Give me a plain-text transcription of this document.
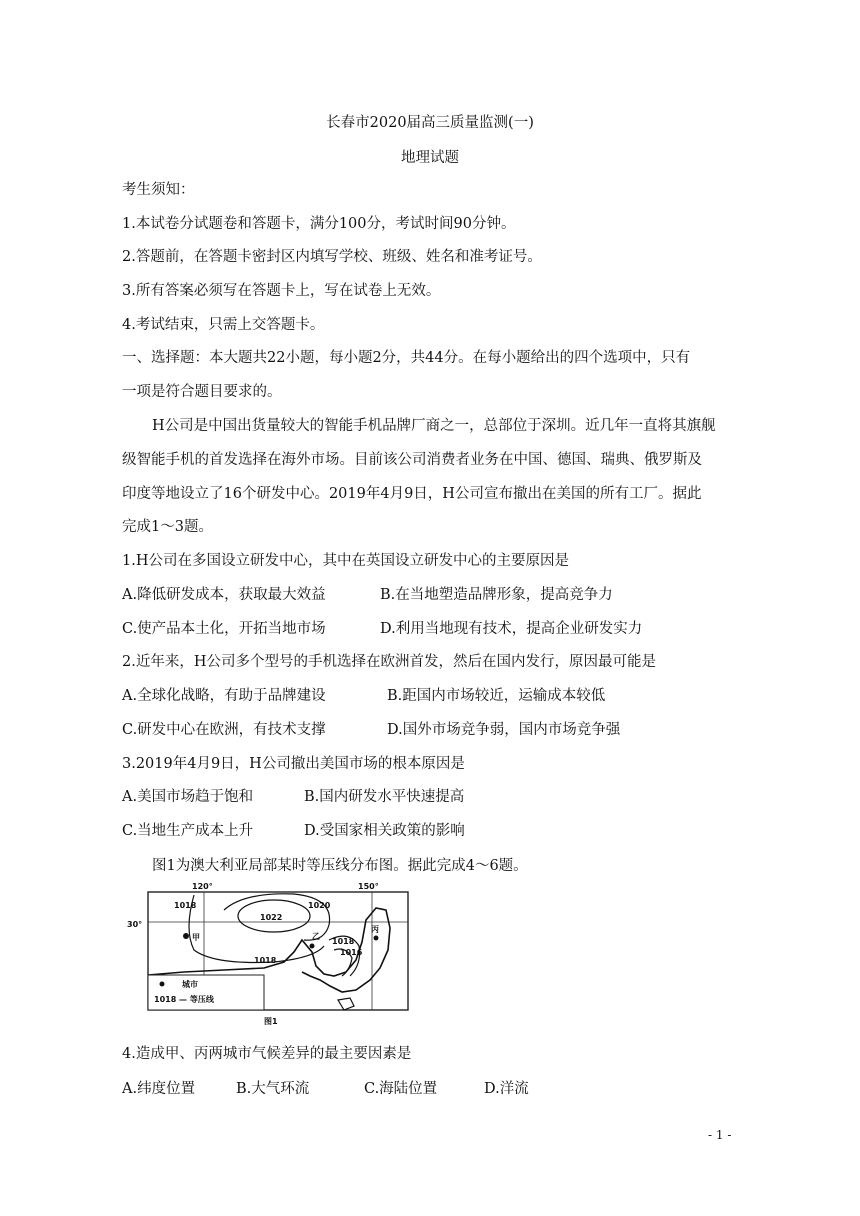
长春市2020届高三质量监测(一)
地理试题
考生须知：
1.本试卷分试题卷和答题卡，满分100分，考试时间90分钟。
2.答题前，在答题卡密封区内填写学校、班级、姓名和准考证号。
3.所有答案必须写在答题卡上，写在试卷上无效。
4.考试结束，只需上交答题卡。
一、选择题：本大题共22小题，每小题2分，共44分。在每小题给出的四个选项中，只有
一项是符合题目要求的。
H公司是中国出货量较大的智能手机品牌厂商之一，总部位于深圳。近几年一直将其旗舰
级智能手机的首发选择在海外市场。目前该公司消费者业务在中国、德国、瑞典、俄罗斯及
印度等地设立了16个研发中心。2019年4月9日，H公司宣布撤出在美国的所有工厂。据此
完成1～3题。
1.H公司在多国设立研发中心，其中在英国设立研发中心的主要原因是
A.降低研发成本，获取最大效益	B.在当地塑造品牌形象，提高竞争力
C.使产品本土化，开拓当地市场	D.利用当地现有技术，提高企业研发实力
2.近年来，H公司多个型号的手机选择在欧洲首发，然后在国内发行，原因最可能是
A.全球化战略，有助于品牌建设	B.距国内市场较近，运输成本较低
C.研发中心在欧洲，有技术支撑	D.国外市场竞争弱，国内市场竞争强
3.2019年4月9日，H公司撤出美国市场的根本原因是
A.美国市场趋于饱和	B.国内研发水平快速提高
C.当地生产成本上升	D.受国家相关政策的影响
图1为澳大利亚局部某时等压线分布图。据此完成4～6题。
120°	150°
30°
1018
1022
1020
1018
1016
1018
甲	乙
丙
城市
1018 — 等压线
图1
4.造成甲、丙两城市气候差异的最主要因素是
A.纬度位置	B.大气环流	C.海陆位置	D.洋流
- 1 -
